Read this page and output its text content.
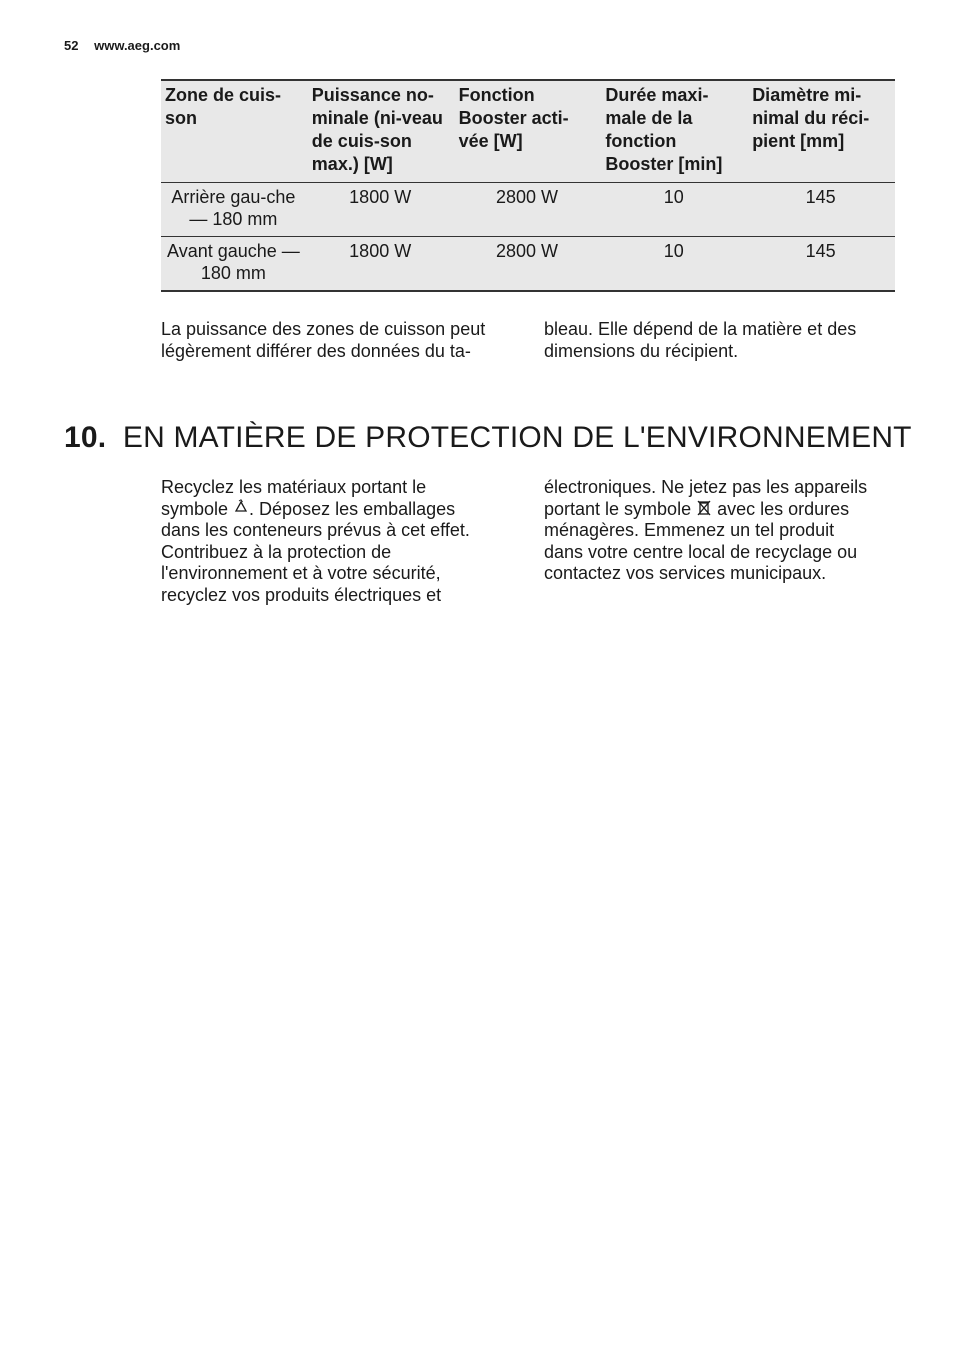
52 www.aeg.com
Zone de cuis-son	Puissance no-minale (ni-veau de cuis-son max.) [W]	Fonction Booster acti-vée [W]	Durée maxi-male de la fonction Booster [min]	Diamètre mi-nimal du réci-pient [mm]
Arrière gau-che — 180 mm	1800 W	2800 W	10	145
Avant gauche — 180 mm	1800 W	2800 W	10	145
La puissance des zones de cuisson peut légèrement différer des données du ta-
bleau. Elle dépend de la matière et des dimensions du récipient.
10. EN MATIÈRE DE PROTECTION DE L'ENVIRONNEMENT
Recyclez les matériaux portant le symbole . Déposez les emballages dans les conteneurs prévus à cet effet.
Contribuez à la protection de l'environnement et à votre sécurité, recyclez vos produits électriques et
électroniques. Ne jetez pas les appareils portant le symbole avec les ordures ménagères. Emmenez un tel produit dans votre centre local de recyclage ou contactez vos services municipaux.
